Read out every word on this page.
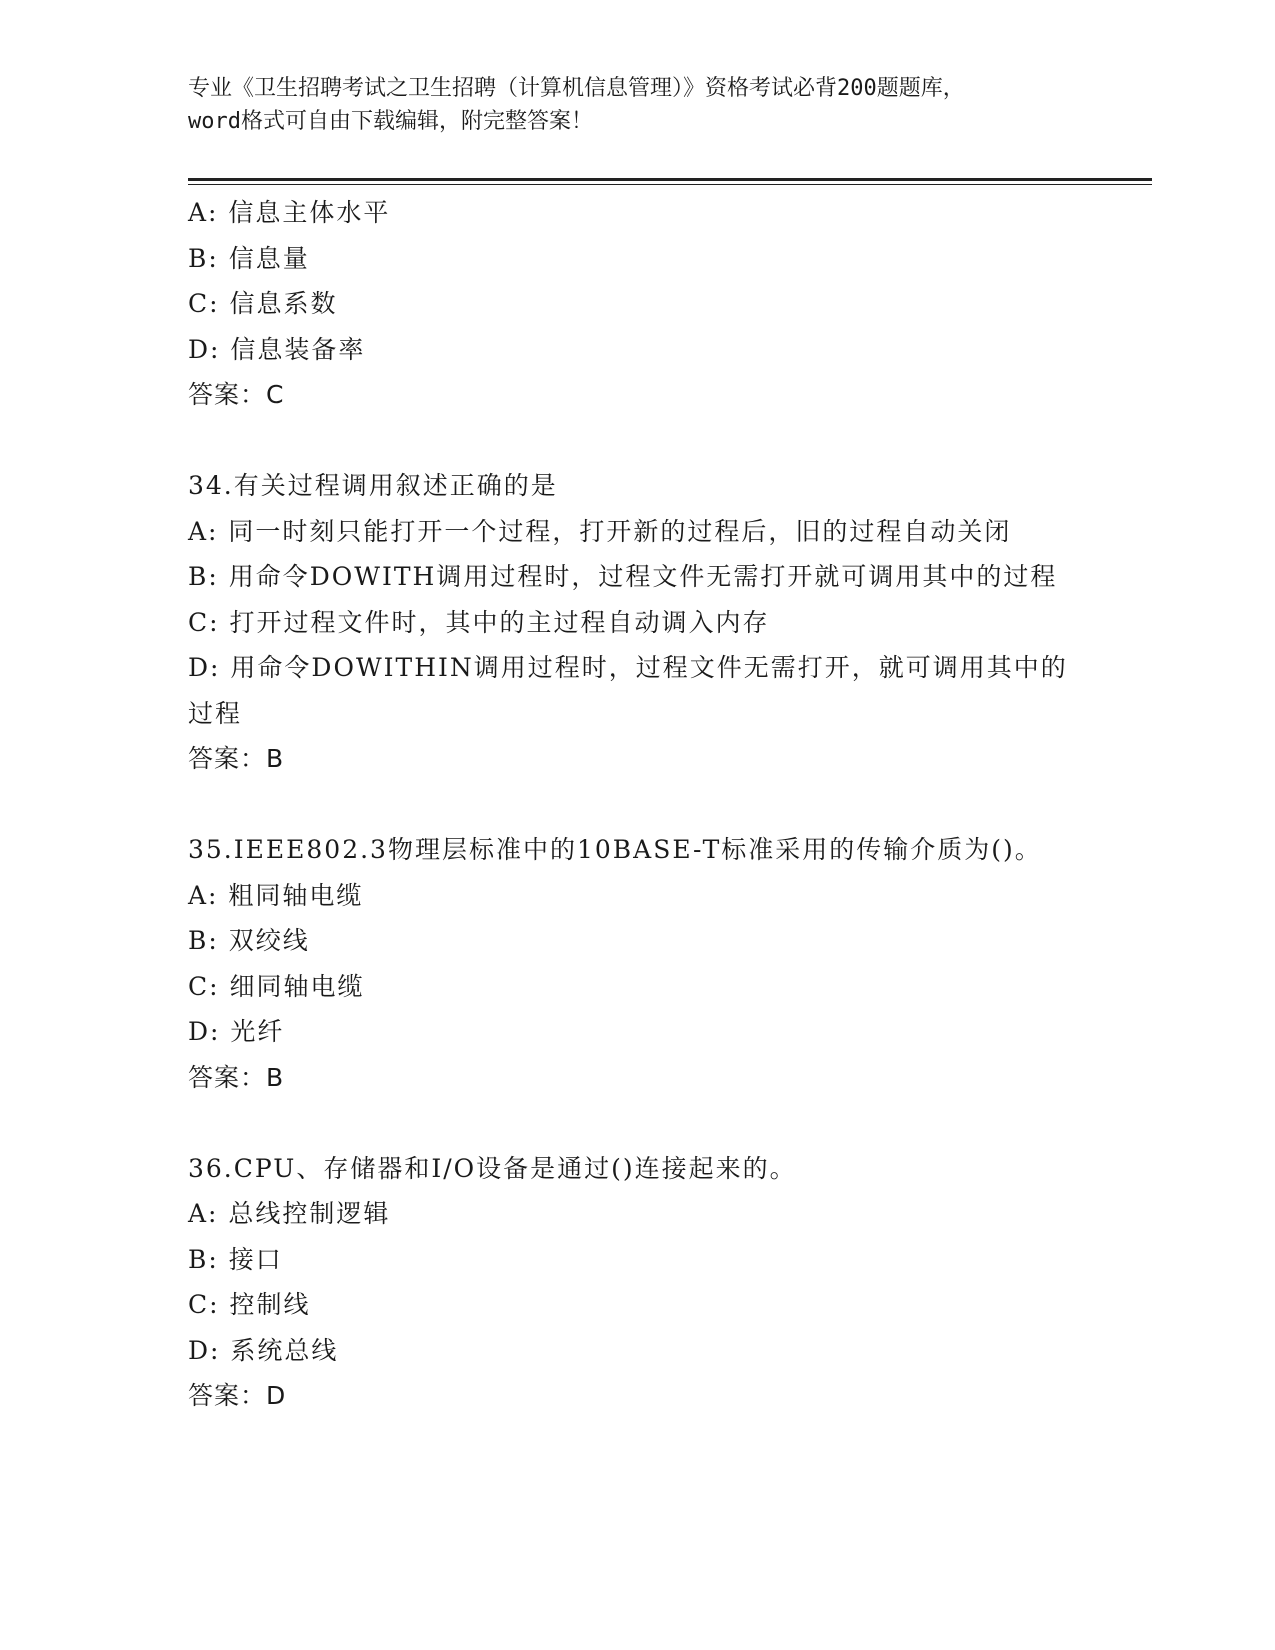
专业《卫生招聘考试之卫生招聘（计算机信息管理）》资格考试必背200题题库，
word格式可自由下载编辑，附完整答案！
A: 信息主体水平
B: 信息量
C: 信息系数
D: 信息装备率
答案：C
34.有关过程调用叙述正确的是
A: 同一时刻只能打开一个过程，打开新的过程后，旧的过程自动关闭
B: 用命令DOWITH调用过程时，过程文件无需打开就可调用其中的过程
C: 打开过程文件时，其中的主过程自动调入内存
D: 用命令DOWITHIN调用过程时，过程文件无需打开，就可调用其中的过程
答案：B
35.IEEE802.3物理层标准中的10BASE-T标准采用的传输介质为()。
A: 粗同轴电缆
B: 双绞线
C: 细同轴电缆
D: 光纤
答案：B
36.CPU、存储器和I/O设备是通过()连接起来的。
A: 总线控制逻辑
B: 接口
C: 控制线
D: 系统总线
答案：D
